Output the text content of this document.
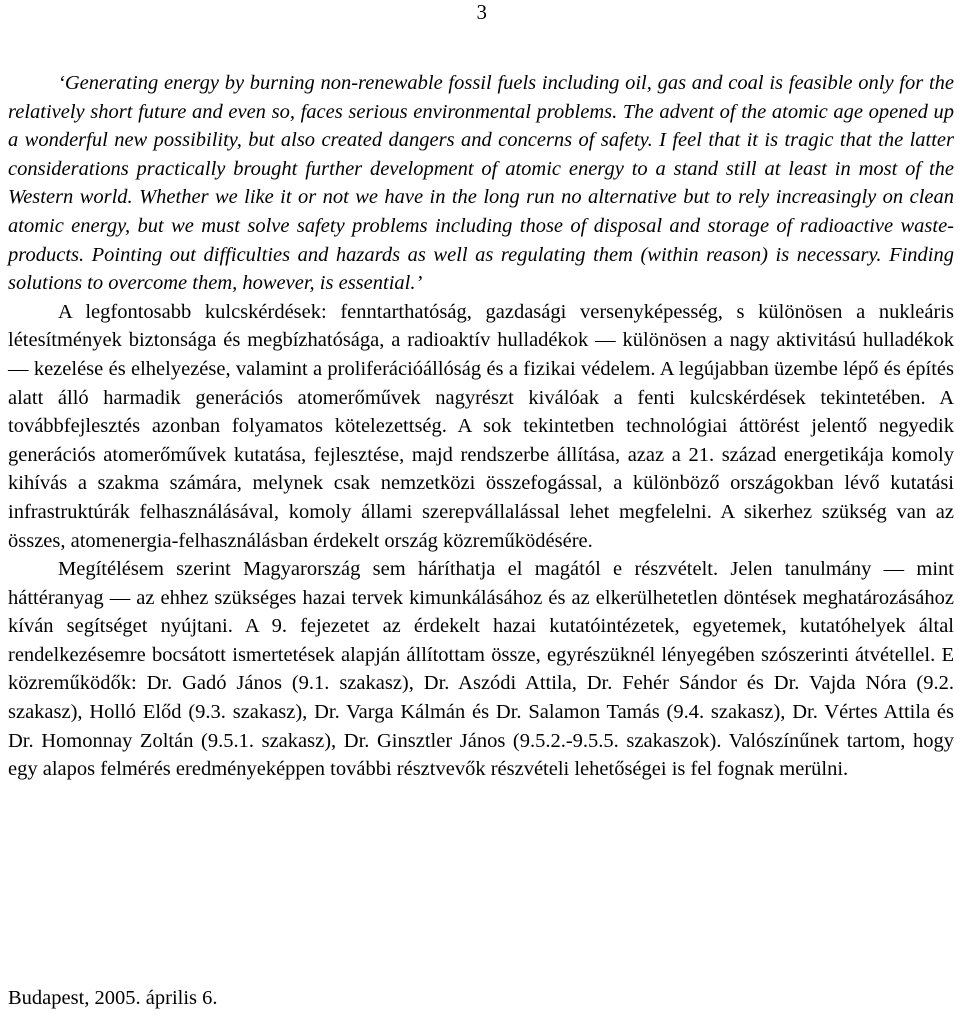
3

‘Generating energy by burning non-renewable fossil fuels including oil, gas and coal is feasible only for the relatively short future and even so, faces serious environmental problems. The advent of the atomic age opened up a wonderful new possibility, but also created dangers and concerns of safety. I feel that it is tragic that the latter considerations practically brought further development of atomic energy to a stand still at least in most of the Western world. Whether we like it or not we have in the long run no alternative but to rely increasingly on clean atomic energy, but we must solve safety problems including those of disposal and storage of radioactive waste-products. Pointing out difficulties and hazards as well as regulating them (within reason) is necessary. Finding solutions to overcome them, however, is essential.’

A legfontosabb kulcskérdések: fenntarthatóság, gazdasági versenyképesség, s különösen a nukleáris létesítmények biztonsága és megbízhatósága, a radioaktív hulladékok — különösen a nagy aktivitású hulladékok — kezelése és elhelyezése, valamint a proliferációállóság és a fizikai védelem. A legújabban üzembe lépő és építés alatt álló harmadik generációs atomerőművek nagyrészt kiválóak a fenti kulcskérdések tekintetében. A továbbfejlesztés azonban folyamatos kötelezettség. A sok tekintetben technológiai áttörést jelentő negyedik generációs atomerőművek kutatása, fejlesztése, majd rendszerbe állítása, azaz a 21. század energetikája komoly kihívás a szakma számára, melynek csak nemzetközi összefogással, a különböző országokban lévő kutatási infrastruktúrák felhasználásával, komoly állami szerepvállalással lehet megfelelni. A sikerhez szükség van az összes, atomenergia-felhasználásban érdekelt ország közreműködésére.

Megítélésem szerint Magyarország sem háríthatja el magától e részvételt. Jelen tanulmány — mint háttéranyag — az ehhez szükséges hazai tervek kimunkálásához és az elkerülhetetlen döntések meghatározásához kíván segítséget nyújtani. A 9. fejezetet az érdekelt hazai kutatóintézetek, egyetemek, kutatóhelyek által rendelkezésemre bocsátott ismertetések alapján állítottam össze, egyrészüknél lényegében szószerinti átvétellel. E közreműködők: Dr. Gadó János (9.1. szakasz), Dr. Aszódi Attila, Dr. Fehér Sándor és Dr. Vajda Nóra (9.2. szakasz), Holló Előd (9.3. szakasz), Dr. Varga Kálmán és Dr. Salamon Tamás (9.4. szakasz), Dr. Vértes Attila és Dr. Homonnay Zoltán (9.5.1. szakasz), Dr. Ginsztler János (9.5.2.-9.5.5. szakaszok). Valószínűnek tartom, hogy egy alapos felmérés eredményeképpen további résztvevők részvételi lehetőségei is fel fognak merülni.

Budapest, 2005. április 6.
